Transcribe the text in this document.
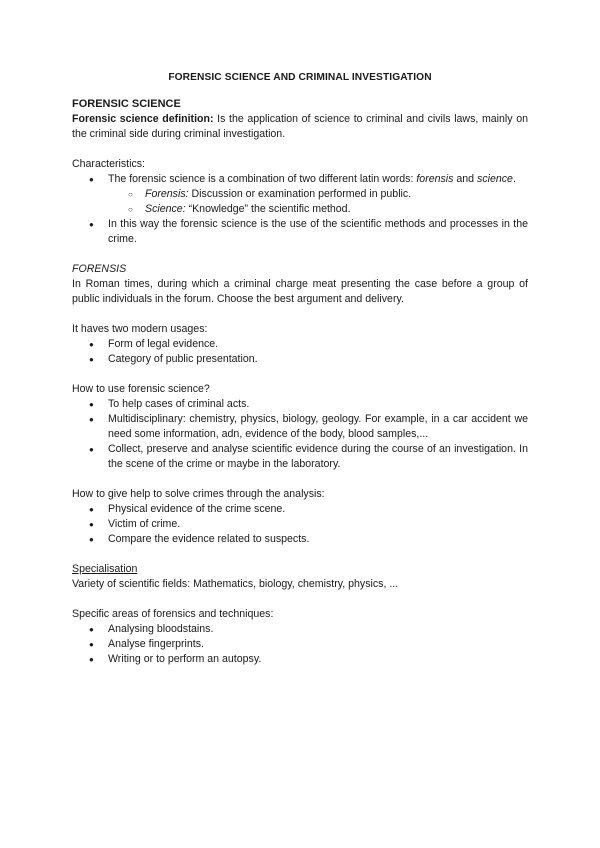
FORENSIC SCIENCE AND CRIMINAL INVESTIGATION

FORENSIC SCIENCE

Forensic science definition: Is the application of science to criminal and civils laws, mainly on the criminal side during criminal investigation.

Characteristics:

● The forensic science is a combination of two different latin words: forensis and science.
○ Forensis: Discussion or examination performed in public.
○ Science: “Knowledge” the scientific method.
● In this way the forensic science is the use of the scientific methods and processes in the crime.

FORENSIS

In Roman times, during which a criminal charge meat presenting the case before a group of public individuals in the forum. Choose the best argument and delivery.

It haves two modern usages:

● Form of legal evidence.
● Category of public presentation.

How to use forensic science?

● To help cases of criminal acts.
● Multidisciplinary: chemistry, physics, biology, geology. For example, in a car accident we need some information, adn, evidence of the body, blood samples,...
● Collect, preserve and analyse scientific evidence during the course of an investigation. In the scene of the crime or maybe in the laboratory.

How to give help to solve crimes through the analysis:

● Physical evidence of the crime scene.
● Victim of crime.
● Compare the evidence related to suspects.

Specialisation

Variety of scientific fields: Mathematics, biology, chemistry, physics, ...

Specific areas of forensics and techniques:

● Analysing bloodstains.
● Analyse fingerprints.
● Writing or to perform an autopsy.
